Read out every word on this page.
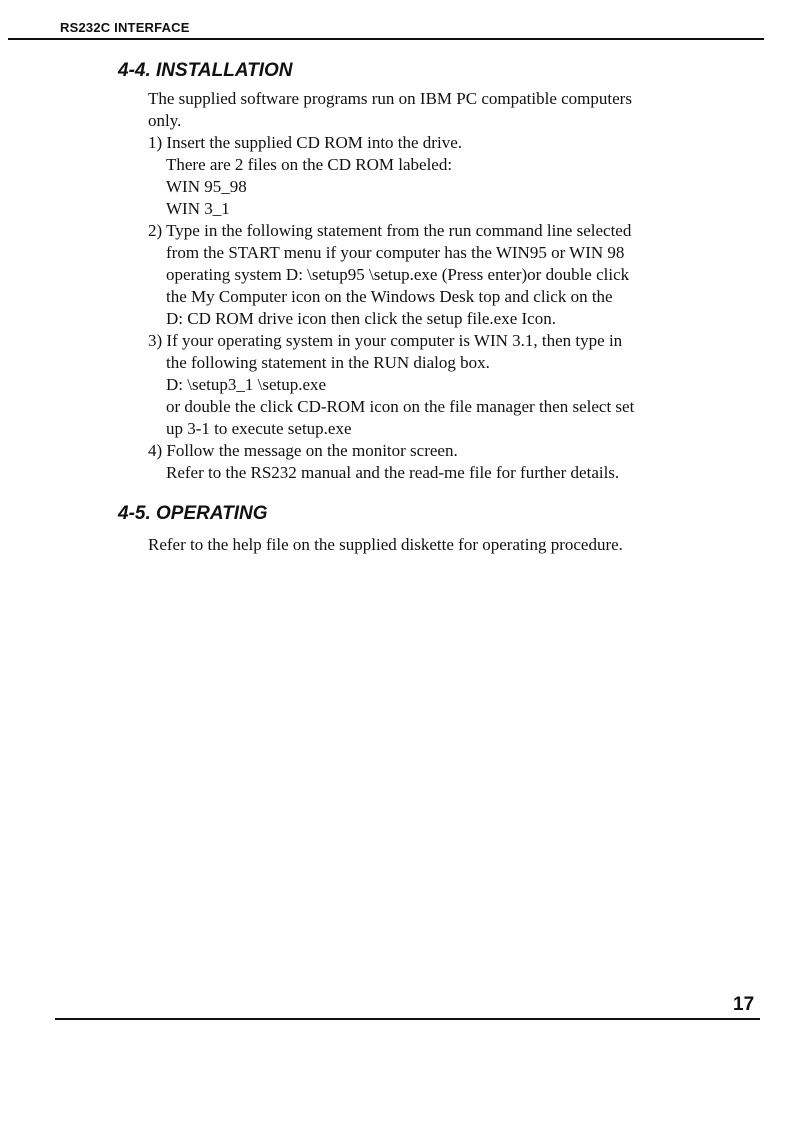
RS232C INTERFACE
4-4. INSTALLATION
The supplied software programs run on IBM PC compatible computers
only.
1) Insert the supplied CD ROM into the drive.
There are 2 files on the CD ROM labeled:
WIN 95_98
WIN 3_1
2) Type in the following statement from the run command line selected
from the START menu if your computer has the WIN95 or WIN 98
operating system D: \setup95 \setup.exe (Press enter)or double click
the My Computer icon on the Windows Desk top and click on the
D: CD ROM drive icon then click the setup file.exe Icon.
3) If your operating system in your computer is WIN 3.1, then type in
the following statement in the RUN dialog box.
D: \setup3_1 \setup.exe
or double the click CD-ROM icon on the file manager then select set
up 3-1 to execute setup.exe
4) Follow the message on the monitor screen.
Refer to the RS232 manual and the read-me file for further details.
4-5. OPERATING
Refer to the help file on the supplied diskette for operating procedure.
17
